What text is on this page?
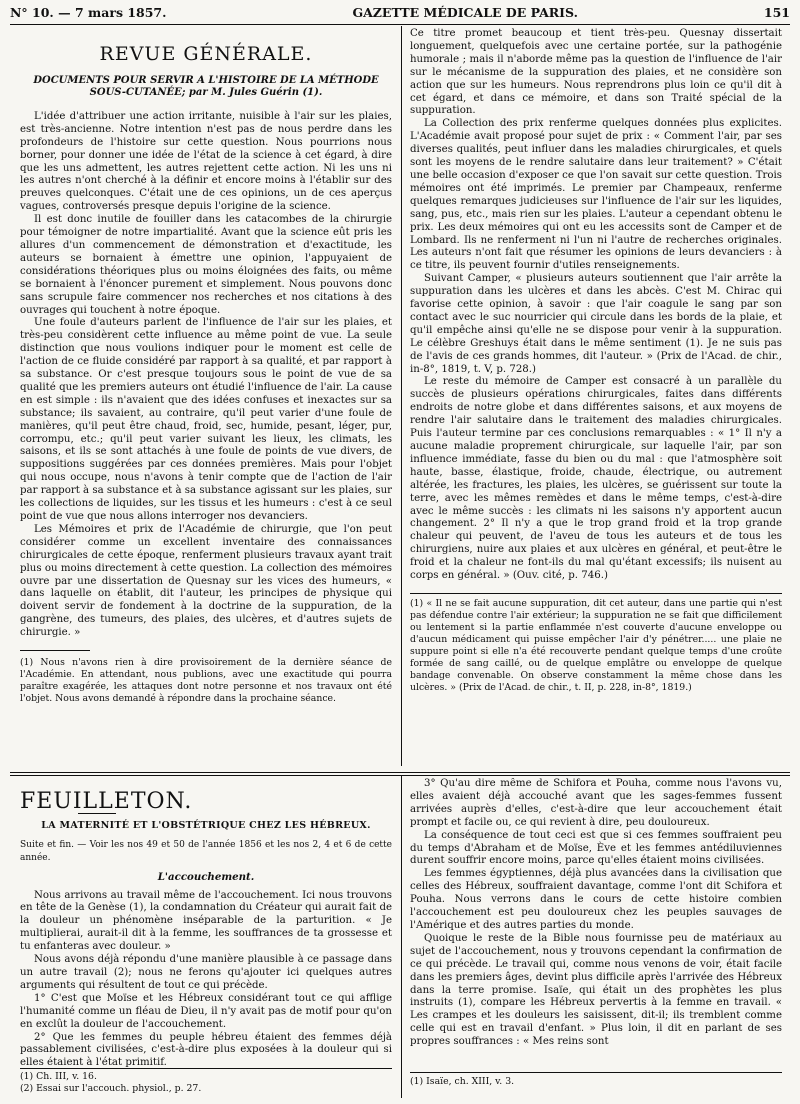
N° 10. — 7 mars 1857.	GAZETTE MÉDICALE DE PARIS.	151
REVUE GÉNÉRALE.
DOCUMENTS POUR SERVIR A L'HISTOIRE DE LA MÉTHODE SOUS-CUTANÉE; par M. Jules Guérin (1).

L'idée d'attribuer une action irritante, nuisible à l'air sur les plaies, est très-ancienne. Notre intention n'est pas de nous perdre dans les profondeurs de l'histoire sur cette question. Nous pourrions nous borner, pour donner une idée de l'état de la science à cet égard, à dire que les uns admettent, les autres rejettent cette action. Ni les uns ni les autres n'ont cherché à la définir et encore moins à l'établir sur des preuves quelconques. C'était une de ces opinions, un de ces aperçus vagues, controversés presque depuis l'origine de la science.

Il est donc inutile de fouiller dans les catacombes de la chirurgie pour témoigner de notre impartialité. Avant que la science eût pris les allures d'un commencement de démonstration et d'exactitude, les auteurs se bornaient à émettre une opinion, l'appuyaient de considérations théoriques plus ou moins éloignées des faits, ou même se bornaient à l'énoncer purement et simplement. Nous pouvons donc sans scrupule faire commencer nos recherches et nos citations à des ouvrages qui touchent à notre époque.

Une foule d'auteurs parlent de l'influence de l'air sur les plaies, et très-peu considèrent cette influence au même point de vue. La seule distinction que nous voulions indiquer pour le moment est celle de l'action de ce fluide considéré par rapport à sa qualité, et par rapport à sa substance. Or c'est presque toujours sous le point de vue de sa qualité que les premiers auteurs ont étudié l'influence de l'air. La cause en est simple : ils n'avaient que des idées confuses et inexactes sur sa substance; ils savaient, au contraire, qu'il peut varier d'une foule de manières, qu'il peut être chaud, froid, sec, humide, pesant, léger, pur, corrompu, etc.; qu'il peut varier suivant les lieux, les climats, les saisons, et ils se sont attachés à une foule de points de vue divers, de suppositions suggérées par ces données premières. Mais pour l'objet qui nous occupe, nous n'avons à tenir compte que de l'action de l'air par rapport à sa substance et à sa substance agissant sur les plaies, sur les collections de liquides, sur les tissus et les humeurs : c'est à ce seul point de vue que nous allons interroger nos devanciers.

Les Mémoires et prix de l'Académie de chirurgie, que l'on peut considérer comme un excellent inventaire des connaissances chirurgicales de cette époque, renferment plusieurs travaux ayant trait plus ou moins directement à cette question. La collection des mémoires ouvre par une dissertation de Quesnay sur les vices des humeurs, « dans laquelle on établit, dit l'auteur, les principes de physique qui doivent servir de fondement à la doctrine de la suppuration, de la gangrène, des tumeurs, des plaies, des ulcères, et d'autres sujets de chirurgie. »

(1) Nous n'avons rien à dire provisoirement de la dernière séance de l'Académie. En attendant, nous publions, avec une exactitude qui pourra paraître exagérée, les attaques dont notre personne et nos travaux ont été l'objet. Nous avons demandé à répondre dans la prochaine séance.

Ce titre promet beaucoup et tient très-peu. Quesnay dissertait longuement, quelquefois avec une certaine portée, sur la pathogénie humorale ; mais il n'aborde même pas la question de l'influence de l'air sur le mécanisme de la suppuration des plaies, et ne considère son action que sur les humeurs. Nous reprendrons plus loin ce qu'il dit à cet égard, et dans ce mémoire, et dans son Traité spécial de la suppuration.

La Collection des prix renferme quelques données plus explicites. L'Académie avait proposé pour sujet de prix : « Comment l'air, par ses diverses qualités, peut influer dans les maladies chirurgicales, et quels sont les moyens de le rendre salutaire dans leur traitement? » C'était une belle occasion d'exposer ce que l'on savait sur cette question. Trois mémoires ont été imprimés. Le premier par Champeaux, renferme quelques remarques judicieuses sur l'influence de l'air sur les liquides, sang, pus, etc., mais rien sur les plaies. L'auteur a cependant obtenu le prix. Les deux mémoires qui ont eu les accessits sont de Camper et de Lombard. Ils ne renferment ni l'un ni l'autre de recherches originales. Les auteurs n'ont fait que résumer les opinions de leurs devanciers : à ce titre, ils peuvent fournir d'utiles renseignements.

Suivant Camper, « plusieurs auteurs soutiennent que l'air arrête la suppuration dans les ulcères et dans les abcès. C'est M. Chirac qui favorise cette opinion, à savoir : que l'air coagule le sang par son contact avec le suc nourricier qui circule dans les bords de la plaie, et qu'il empêche ainsi qu'elle ne se dispose pour venir à la suppuration. Le célèbre Greshuys était dans le même sentiment (1). Je ne suis pas de l'avis de ces grands hommes, dit l'auteur. » (Prix de l'Acad. de chir., in-8°, 1819, t. V, p. 728.)

Le reste du mémoire de Camper est consacré à un parallèle du succès de plusieurs opérations chirurgicales, faites dans différents endroits de notre globe et dans différentes saisons, et aux moyens de rendre l'air salutaire dans le traitement des maladies chirurgicales. Puis l'auteur termine par ces conclusions remarquables : « 1° Il n'y a aucune maladie proprement chirurgicale, sur laquelle l'air, par son influence immédiate, fasse du bien ou du mal : que l'atmosphère soit haute, basse, élastique, froide, chaude, électrique, ou autrement altérée, les fractures, les plaies, les ulcères, se guérissent sur toute la terre, avec les mêmes remèdes et dans le même temps, c'est-à-dire avec le même succès : les climats ni les saisons n'y apportent aucun changement. 2° Il n'y a que le trop grand froid et la trop grande chaleur qui peuvent, de l'aveu de tous les auteurs et de tous les chirurgiens, nuire aux plaies et aux ulcères en général, et peut-être le froid et la chaleur ne font-ils du mal qu'étant excessifs; ils nuisent au corps en général. » (Ouv. cité, p. 746.)

(1) « Il ne se fait aucune suppuration, dit cet auteur, dans une partie qui n'est pas défendue contre l'air extérieur; la suppuration ne se fait que difficilement ou lentement si la partie enflammée n'est couverte d'aucune enveloppe ou d'aucun médicament qui puisse empêcher l'air d'y pénétrer..... une plaie ne suppure point si elle n'a été recouverte pendant quelque temps d'une croûte formée de sang caillé, ou de quelque emplâtre ou enveloppe de quelque bandage convenable. On observe constamment la même chose dans les ulcères. » (Prix de l'Acad. de chir., t. II, p. 228, in-8°, 1819.)
FEUILLETON.
LA MATERNITÉ ET L'OBSTÉTRIQUE CHEZ LES HÉBREUX.
Suite et fin. — Voir les nos 49 et 50 de l'année 1856 et les nos 2, 4 et 6 de cette année.
L'accouchement.

Nous arrivons au travail même de l'accouchement. Ici nous trouvons en tête de la Genèse (1), la condamnation du Créateur qui aurait fait de la douleur un phénomène inséparable de la parturition. « Je multiplierai, aurait-il dit à la femme, les souffrances de ta grossesse et tu enfanteras avec douleur. »

Nous avons déjà répondu d'une manière plausible à ce passage dans un autre travail (2); nous ne ferons qu'ajouter ici quelques autres arguments qui résultent de tout ce qui précède.

1° C'est que Moïse et les Hébreux considérant tout ce qui afflige l'humanité comme un fléau de Dieu, il n'y avait pas de motif pour qu'on en exclût la douleur de l'accouchement.

2° Que les femmes du peuple hébreu étaient des femmes déjà passablement civilisées, c'est-à-dire plus exposées à la douleur qui si elles étaient à l'état primitif.

(1) Ch. III, v. 16.
(2) Essai sur l'accouch. physiol., p. 27.

3° Qu'au dire même de Schifora et Pouha, comme nous l'avons vu, elles avaient déjà accouché avant que les sages-femmes fussent arrivées auprès d'elles, c'est-à-dire que leur accouchement était prompt et facile ou, ce qui revient à dire, peu douloureux.

La conséquence de tout ceci est que si ces femmes souffraient peu du temps d'Abraham et de Moïse, Ève et les femmes antédiluviennes durent souffrir encore moins, parce qu'elles étaient moins civilisées.

Les femmes égyptiennes, déjà plus avancées dans la civilisation que celles des Hébreux, souffraient davantage, comme l'ont dit Schifora et Pouha. Nous verrons dans le cours de cette histoire combien l'accouchement est peu douloureux chez les peuples sauvages de l'Amérique et des autres parties du monde.

Quoique le reste de la Bible nous fournisse peu de matériaux au sujet de l'accouchement, nous y trouvons cependant la confirmation de ce qui précède. Le travail qui, comme nous venons de voir, était facile dans les premiers âges, devint plus difficile après l'arrivée des Hébreux dans la terre promise. Isaïe, qui était un des prophètes les plus instruits (1), compare les Hébreux pervertis à la femme en travail. « Les crampes et les douleurs les saisissent, dit-il; ils tremblent comme celle qui est en travail d'enfant. » Plus loin, il dit en parlant de ses propres souffrances : « Mes reins sont

(1) Isaïe, ch. XIII, v. 3.
